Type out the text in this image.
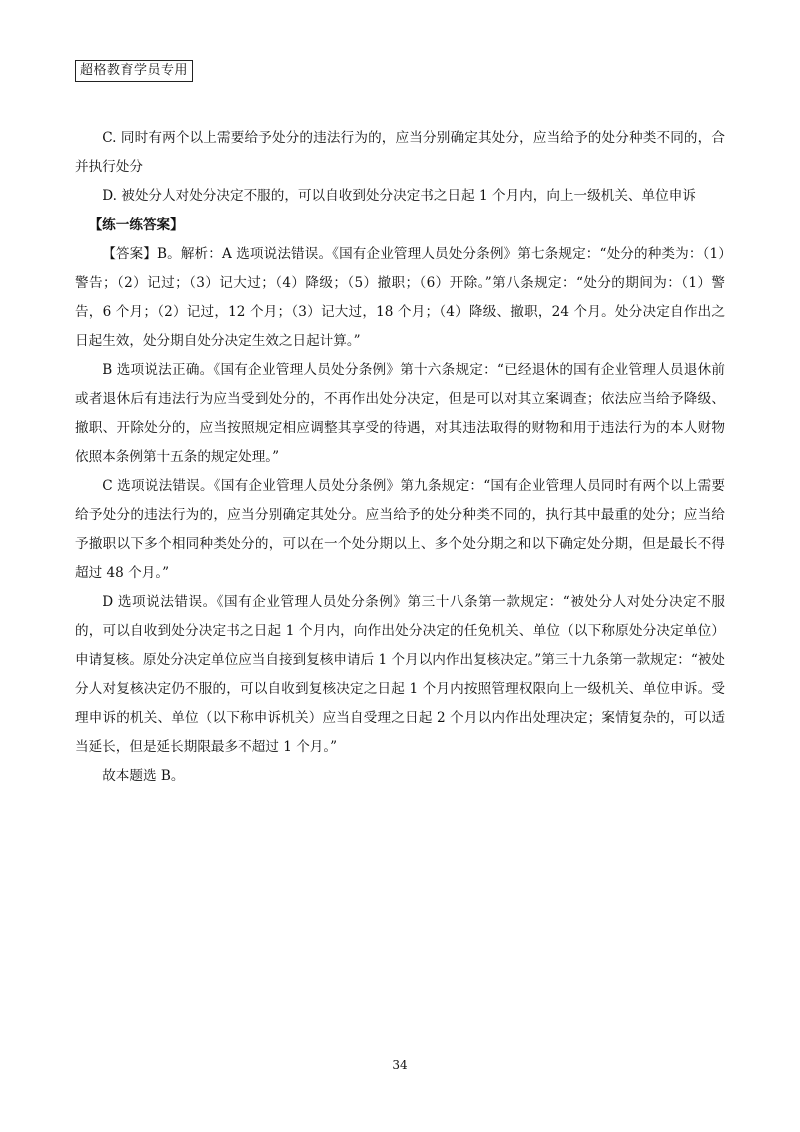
超格教育学员专用

C. 同时有两个以上需要给予处分的违法行为的，应当分别确定其处分，应当给予的处分种类不同的，合并执行处分

D. 被处分人对处分决定不服的，可以自收到处分决定书之日起 1 个月内，向上一级机关、单位申诉

【练一练答案】

【答案】B。解析：A 选项说法错误。《国有企业管理人员处分条例》第七条规定：“处分的种类为：（1）警告；（2）记过；（3）记大过；（4）降级；（5）撤职；（6）开除。”第八条规定：“处分的期间为：（1）警告，6 个月；（2）记过，12 个月；（3）记大过，18 个月；（4）降级、撤职，24 个月。处分决定自作出之日起生效，处分期自处分决定生效之日起计算。”

B 选项说法正确。《国有企业管理人员处分条例》第十六条规定：“已经退休的国有企业管理人员退休前或者退休后有违法行为应当受到处分的，不再作出处分决定，但是可以对其立案调查；依法应当给予降级、撤职、开除处分的，应当按照规定相应调整其享受的待遇，对其违法取得的财物和用于违法行为的本人财物依照本条例第十五条的规定处理。”

C 选项说法错误。《国有企业管理人员处分条例》第九条规定：“国有企业管理人员同时有两个以上需要给予处分的违法行为的，应当分别确定其处分。应当给予的处分种类不同的，执行其中最重的处分；应当给予撤职以下多个相同种类处分的，可以在一个处分期以上、多个处分期之和以下确定处分期，但是最长不得超过 48 个月。”

D 选项说法错误。《国有企业管理人员处分条例》第三十八条第一款规定：“被处分人对处分决定不服的，可以自收到处分决定书之日起 1 个月内，向作出处分决定的任免机关、单位（以下称原处分决定单位）申请复核。原处分决定单位应当自接到复核申请后 1 个月以内作出复核决定。”第三十九条第一款规定：“被处分人对复核决定仍不服的，可以自收到复核决定之日起 1 个月内按照管理权限向上一级机关、单位申诉。受理申诉的机关、单位（以下称申诉机关）应当自受理之日起 2 个月以内作出处理决定；案情复杂的，可以适当延长，但是延长期限最多不超过 1 个月。”

故本题选 B。

34
